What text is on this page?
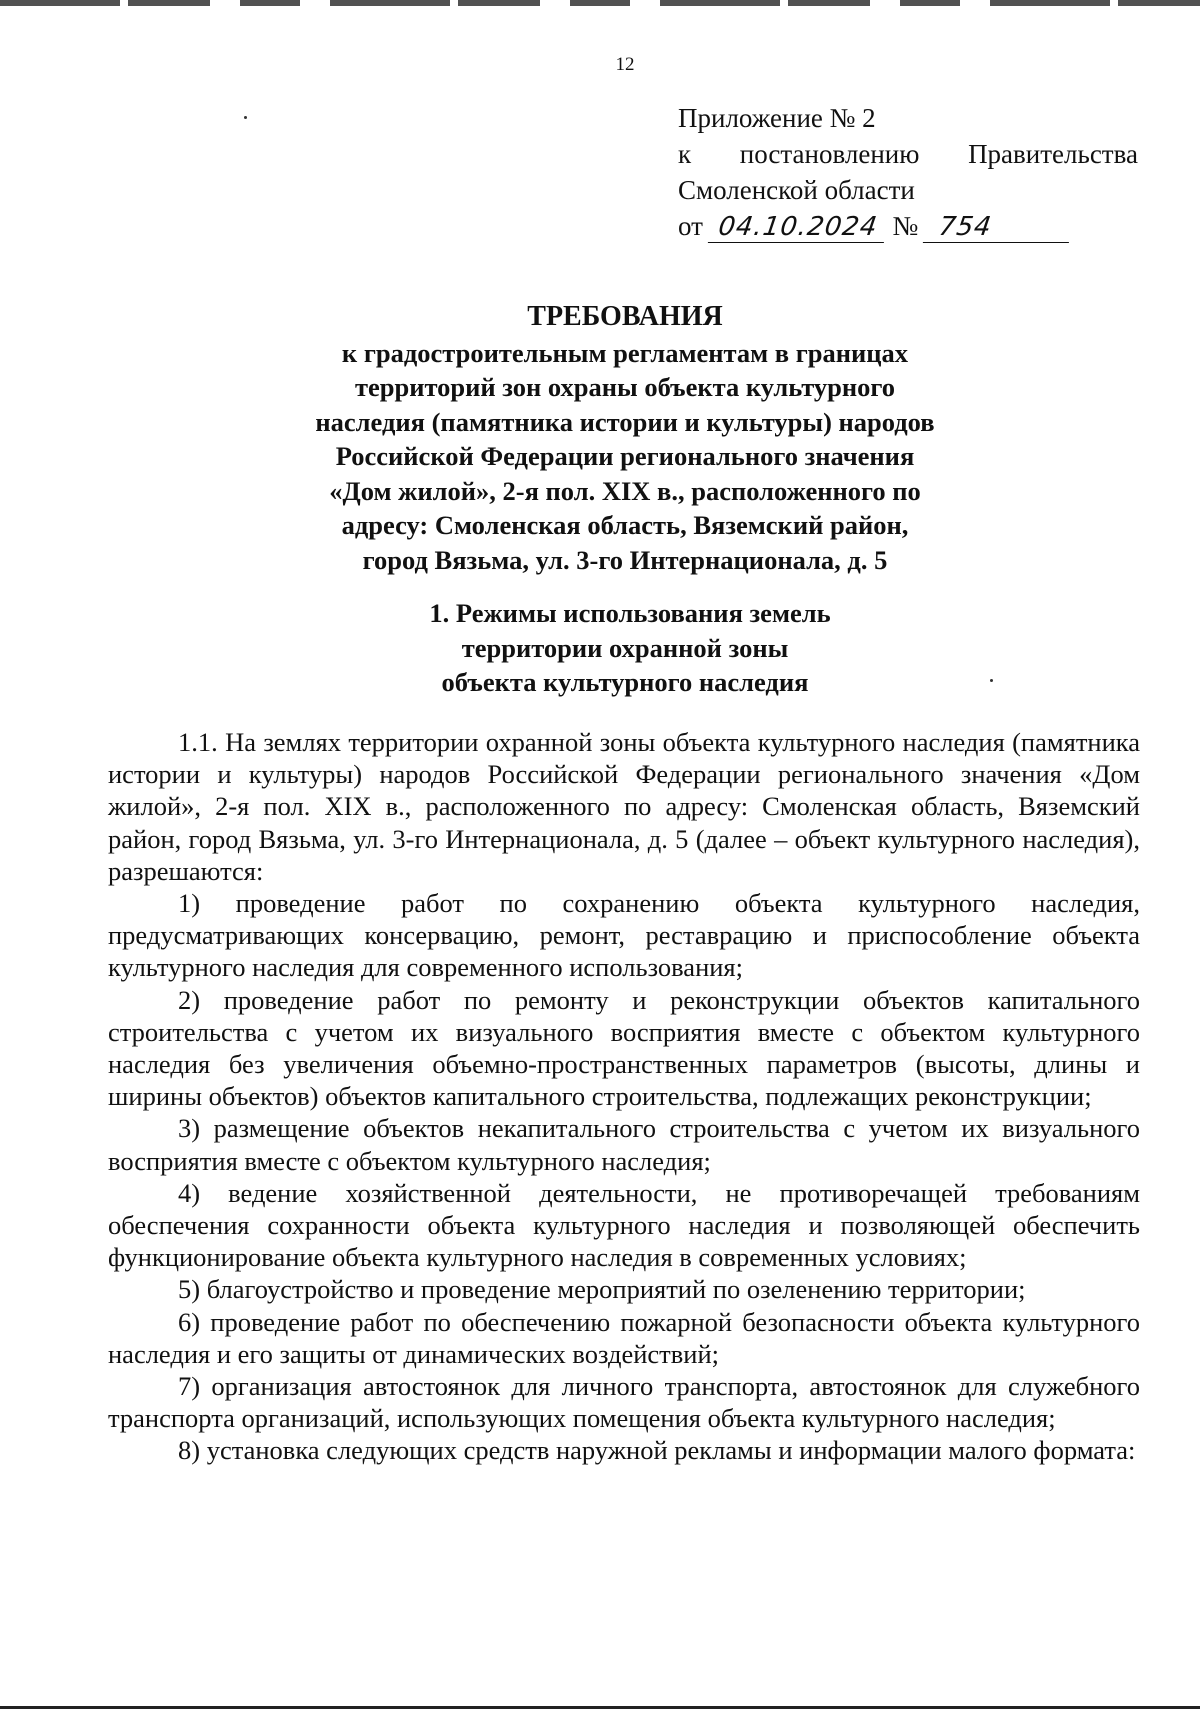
12
Приложение № 2
к постановлению Правительства
Смоленской области
от 04.10.2024 № 754
ТРЕБОВАНИЯ
к градостроительным регламентам в границах
территорий зон охраны объекта культурного
наследия (памятника истории и культуры) народов
Российской Федерации регионального значения
«Дом жилой», 2-я пол. XIX в., расположенного по
адресу: Смоленская область, Вяземский район,
город Вязьма, ул. 3-го Интернационала, д. 5
1. Режимы использования земель
территории охранной зоны
объекта культурного наследия

1.1. На землях территории охранной зоны объекта культурного наследия (памятника истории и культуры) народов Российской Федерации регионального значения «Дом жилой», 2-я пол. XIX в., расположенного по адресу: Смоленская область, Вяземский район, город Вязьма, ул. 3-го Интернационала, д. 5 (далее – объект культурного наследия), разрешаются:

1) проведение работ по сохранению объекта культурного наследия, предусматривающих консервацию, ремонт, реставрацию и приспособление объекта культурного наследия для современного использования;

2) проведение работ по ремонту и реконструкции объектов капитального строительства с учетом их визуального восприятия вместе с объектом культурного наследия без увеличения объемно-пространственных параметров (высоты, длины и ширины объектов) объектов капитального строительства, подлежащих реконструкции;

3) размещение объектов некапитального строительства с учетом их визуального восприятия вместе с объектом культурного наследия;

4) ведение хозяйственной деятельности, не противоречащей требованиям обеспечения сохранности объекта культурного наследия и позволяющей обеспечить функционирование объекта культурного наследия в современных условиях;

5) благоустройство и проведение мероприятий по озеленению территории;

6) проведение работ по обеспечению пожарной безопасности объекта культурного наследия и его защиты от динамических воздействий;

7) организация автостоянок для личного транспорта, автостоянок для служебного транспорта организаций, использующих помещения объекта культурного наследия;

8) установка следующих средств наружной рекламы и информации малого формата:
